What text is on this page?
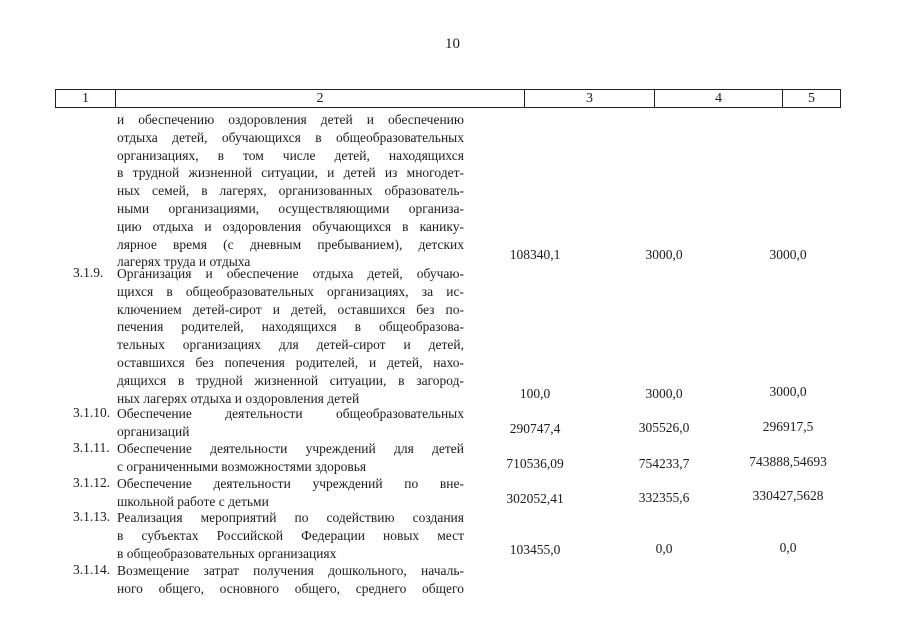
10
1	2	3	4	5
и обеспечению оздоровления детей и обеспечению
отдыха детей, обучающихся в общеобразовательных
организациях, в том числе детей, находящихся
в трудной жизненной ситуации, и детей из многодет-
ных семей, в лагерях, организованных образователь-
ными организациями, осуществляющими организа-
цию отдыха и оздоровления обучающихся в канику-
лярное время (с дневным пребыванием), детских
лагерях труда и отдыха	108340,1	3000,0	3000,0
3.1.9. Организация и обеспечение отдыха детей, обучаю-
щихся в общеобразовательных организациях, за ис-
ключением детей-сирот и детей, оставшихся без по-
печения родителей, находящихся в общеобразова-
тельных организациях для детей-сирот и детей,
оставшихся без попечения родителей, и детей, нахо-
дящихся в трудной жизненной ситуации, в загород-
ных лагерях отдыха и оздоровления детей	100,0	3000,0	3000,0
3.1.10. Обеспечение деятельности общеобразовательных
организаций	290747,4	305526,0	296917,5
3.1.11. Обеспечение деятельности учреждений для детей
с ограниченными возможностями здоровья	710536,09	754233,7	743888,54693
3.1.12. Обеспечение деятельности учреждений по вне-
школьной работе с детьми	302052,41	332355,6	330427,5628
3.1.13. Реализация мероприятий по содействию создания
в субъектах Российской Федерации новых мест
в общеобразовательных организациях	103455,0	0,0	0,0
3.1.14. Возмещение затрат получения дошкольного, началь-
ного общего, основного общего, среднего общего
